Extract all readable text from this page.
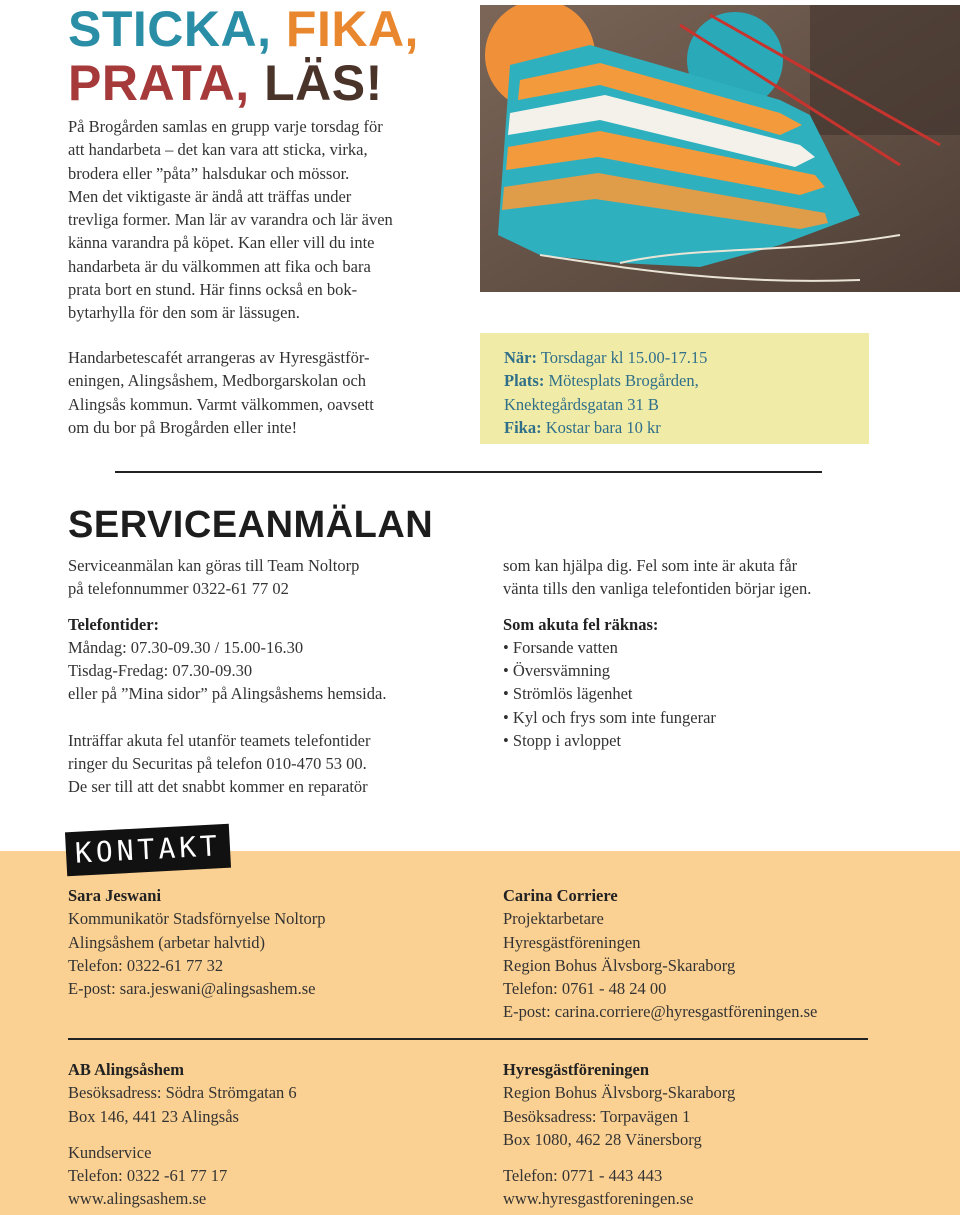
STICKA, FIKA,
PRATA, LÄS!
På Brogården samlas en grupp varje torsdag för
att handarbeta – det kan vara att sticka, virka,
brodera eller ”påta” halsdukar och mössor.
Men det viktigaste är ändå att träffas under
trevliga former. Man lär av varandra och lär även
känna varandra på köpet. Kan eller vill du inte
handarbeta är du välkommen att fika och bara
prata bort en stund. Här finns också en bok-
bytarhylla för den som är lässugen.
Handarbetescafét arrangeras av Hyresgästför-
eningen, Alingsåshem, Medborgarskolan och
Alingsås kommun. Varmt välkommen, oavsett
om du bor på Brogården eller inte!
När: Torsdagar kl 15.00-17.15
Plats: Mötesplats Brogården,
Knektegårdsgatan 31 B
Fika: Kostar bara 10 kr
SERVICEANMÄLAN
Serviceanmälan kan göras till Team Noltorp
på telefonnummer 0322-61 77 02
Telefontider:
Måndag: 07.30-09.30 / 15.00-16.30
Tisdag-Fredag: 07.30-09.30
eller på ”Mina sidor” på Alingsåshems hemsida.
Inträffar akuta fel utanför teamets telefontider
ringer du Securitas på telefon 010-470 53 00.
De ser till att det snabbt kommer en reparatör
som kan hjälpa dig. Fel som inte är akuta får
vänta tills den vanliga telefontiden börjar igen.
Som akuta fel räknas:
• Forsande vatten
• Översvämning
• Strömlös lägenhet
• Kyl och frys som inte fungerar
• Stopp i avloppet
KONTAKT
Sara Jeswani
Kommunikatör Stadsförnyelse Noltorp
Alingsåshem (arbetar halvtid)
Telefon: 0322-61 77 32
E-post: sara.jeswani@alingsashem.se
Carina Corriere
Projektarbetare
Hyresgästföreningen
Region Bohus Älvsborg-Skaraborg
Telefon: 0761 - 48 24 00
E-post: carina.corriere@hyresgastföreningen.se
AB Alingsåshem
Besöksadress: Södra Strömgatan 6
Box 146, 441 23 Alingsås
Kundservice
Telefon: 0322 -61 77 17
www.alingsashem.se
Hyresgästföreningen
Region Bohus Älvsborg-Skaraborg
Besöksadress: Torpavägen 1
Box 1080, 462 28 Vänersborg
Telefon: 0771 - 443 443
www.hyresgastforeningen.se
